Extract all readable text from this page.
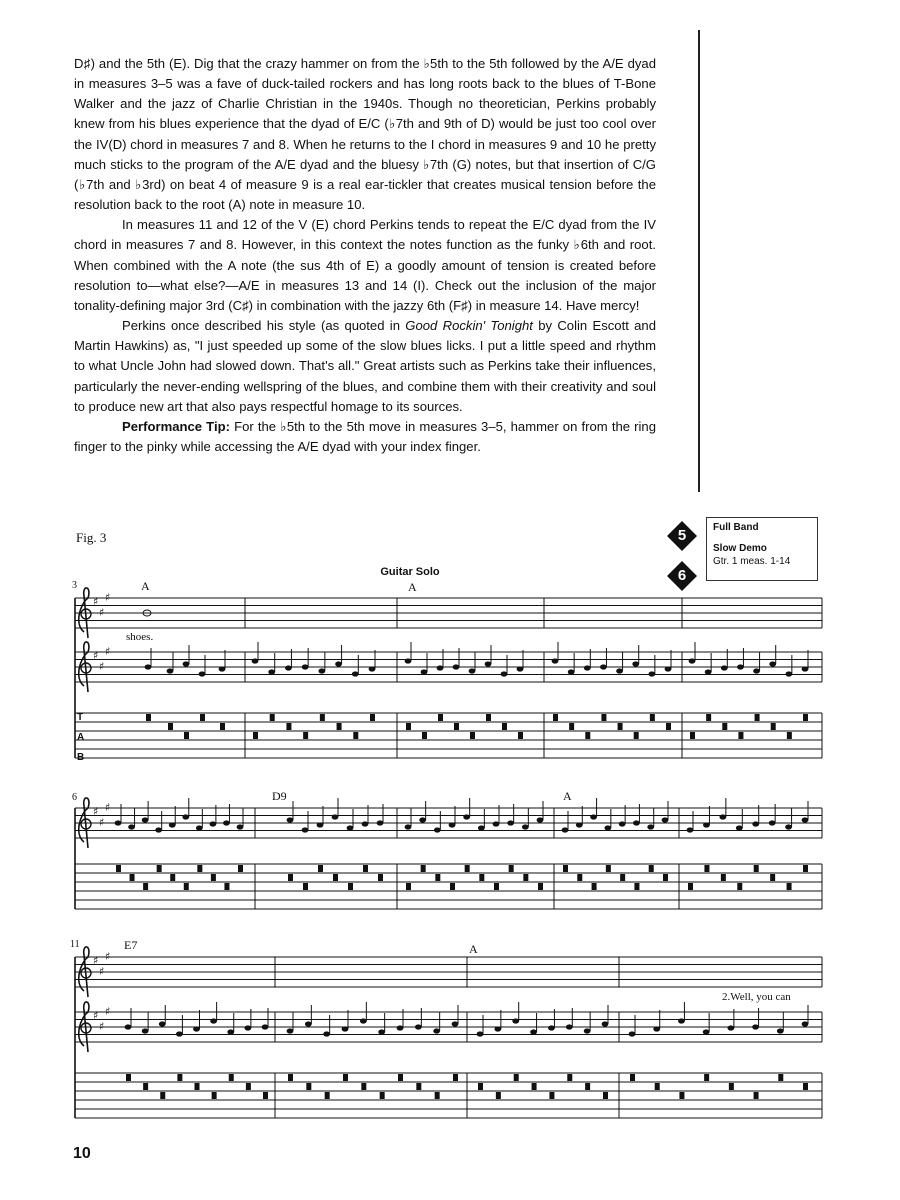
D♯) and the 5th (E). Dig that the crazy hammer on from the ♭5th to the 5th followed by the A/E dyad in measures 3–5 was a fave of duck-tailed rockers and has long roots back to the blues of T-Bone Walker and the jazz of Charlie Christian in the 1940s. Though no theoretician, Perkins probably knew from his blues experience that the dyad of E/C (♭7th and 9th of D) would be just too cool over the IV(D) chord in measures 7 and 8. When he returns to the I chord in measures 9 and 10 he pretty much sticks to the program of the A/E dyad and the bluesy ♭7th (G) notes, but that insertion of C/G (♭7th and ♭3rd) on beat 4 of measure 9 is a real ear-tickler that creates musical tension before the resolution back to the root (A) note in measure 10.

In measures 11 and 12 of the V (E) chord Perkins tends to repeat the E/C dyad from the IV chord in measures 7 and 8. However, in this context the notes function as the funky ♭6th and root. When combined with the A note (the sus 4th of E) a goodly amount of tension is created before resolution to—what else?—A/E in measures 13 and 14 (I). Check out the inclusion of the major tonality-defining major 3rd (C♯) in combination with the jazzy 6th (F♯) in measure 14. Have mercy!

Perkins once described his style (as quoted in Good Rockin' Tonight by Colin Escott and Martin Hawkins) as, "I just speeded up some of the slow blues licks. I put a little speed and rhythm to what Uncle John had slowed down. That's all." Great artists such as Perkins take their influences, particularly the never-ending wellspring of the blues, and combine them with their creativity and soul to produce new art that also pays respectful homage to its sources.

Performance Tip: For the ♭5th to the 5th move in measures 3–5, hammer on from the ring finger to the pinky while accessing the A/E dyad with your index finger.

Fig. 3	5
6
Full Band
Slow Demo
Gtr. 1 meas. 1-14
♯
♯
♯
♯
♯
♯
♯
♯
♯
♯
♯
♯
♯
♯
♯
Guitar Solo
3	A	A
shoes.
T
A
B
6	D9	A
11	E7	A
2.Well, you can
10
